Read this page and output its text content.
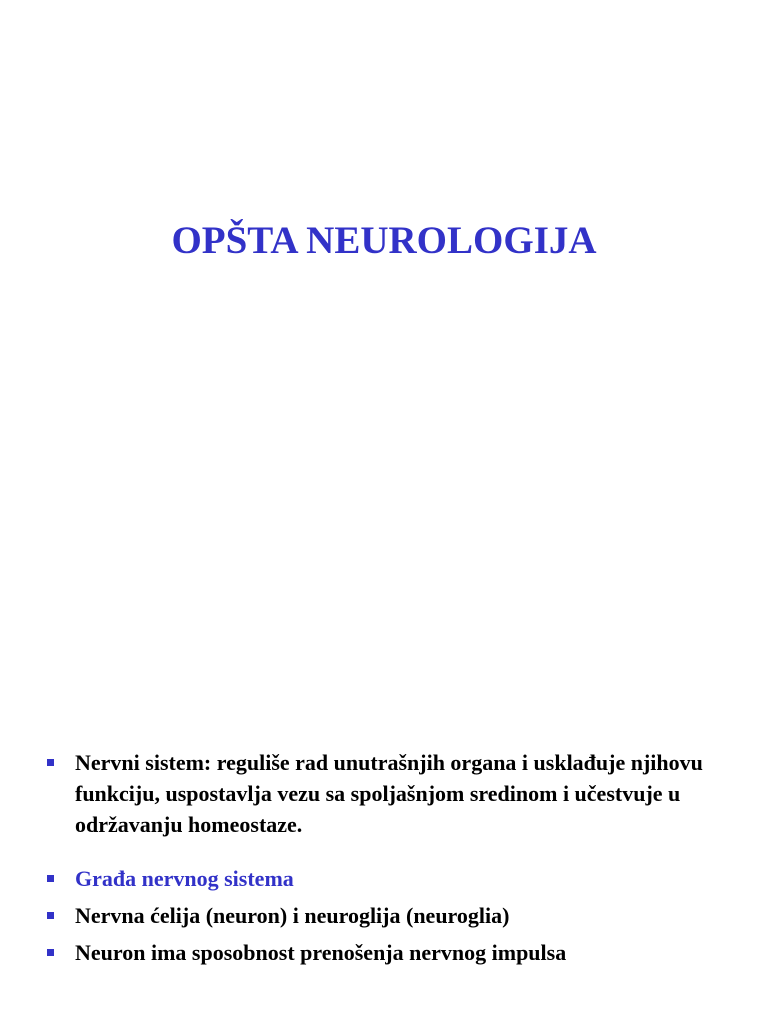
OPŠTA NEUROLOGIJA
Nervni sistem: reguliše rad unutrašnjih organa i usklađuje njihovu funkciju, uspostavlja vezu sa spoljašnjom sredinom i učestvuje u održavanju homeostaze.
Građa nervnog sistema
Nervna ćelija (neuron) i neuroglija (neuroglia)
Neuron ima sposobnost prenošenja nervnog impulsa
